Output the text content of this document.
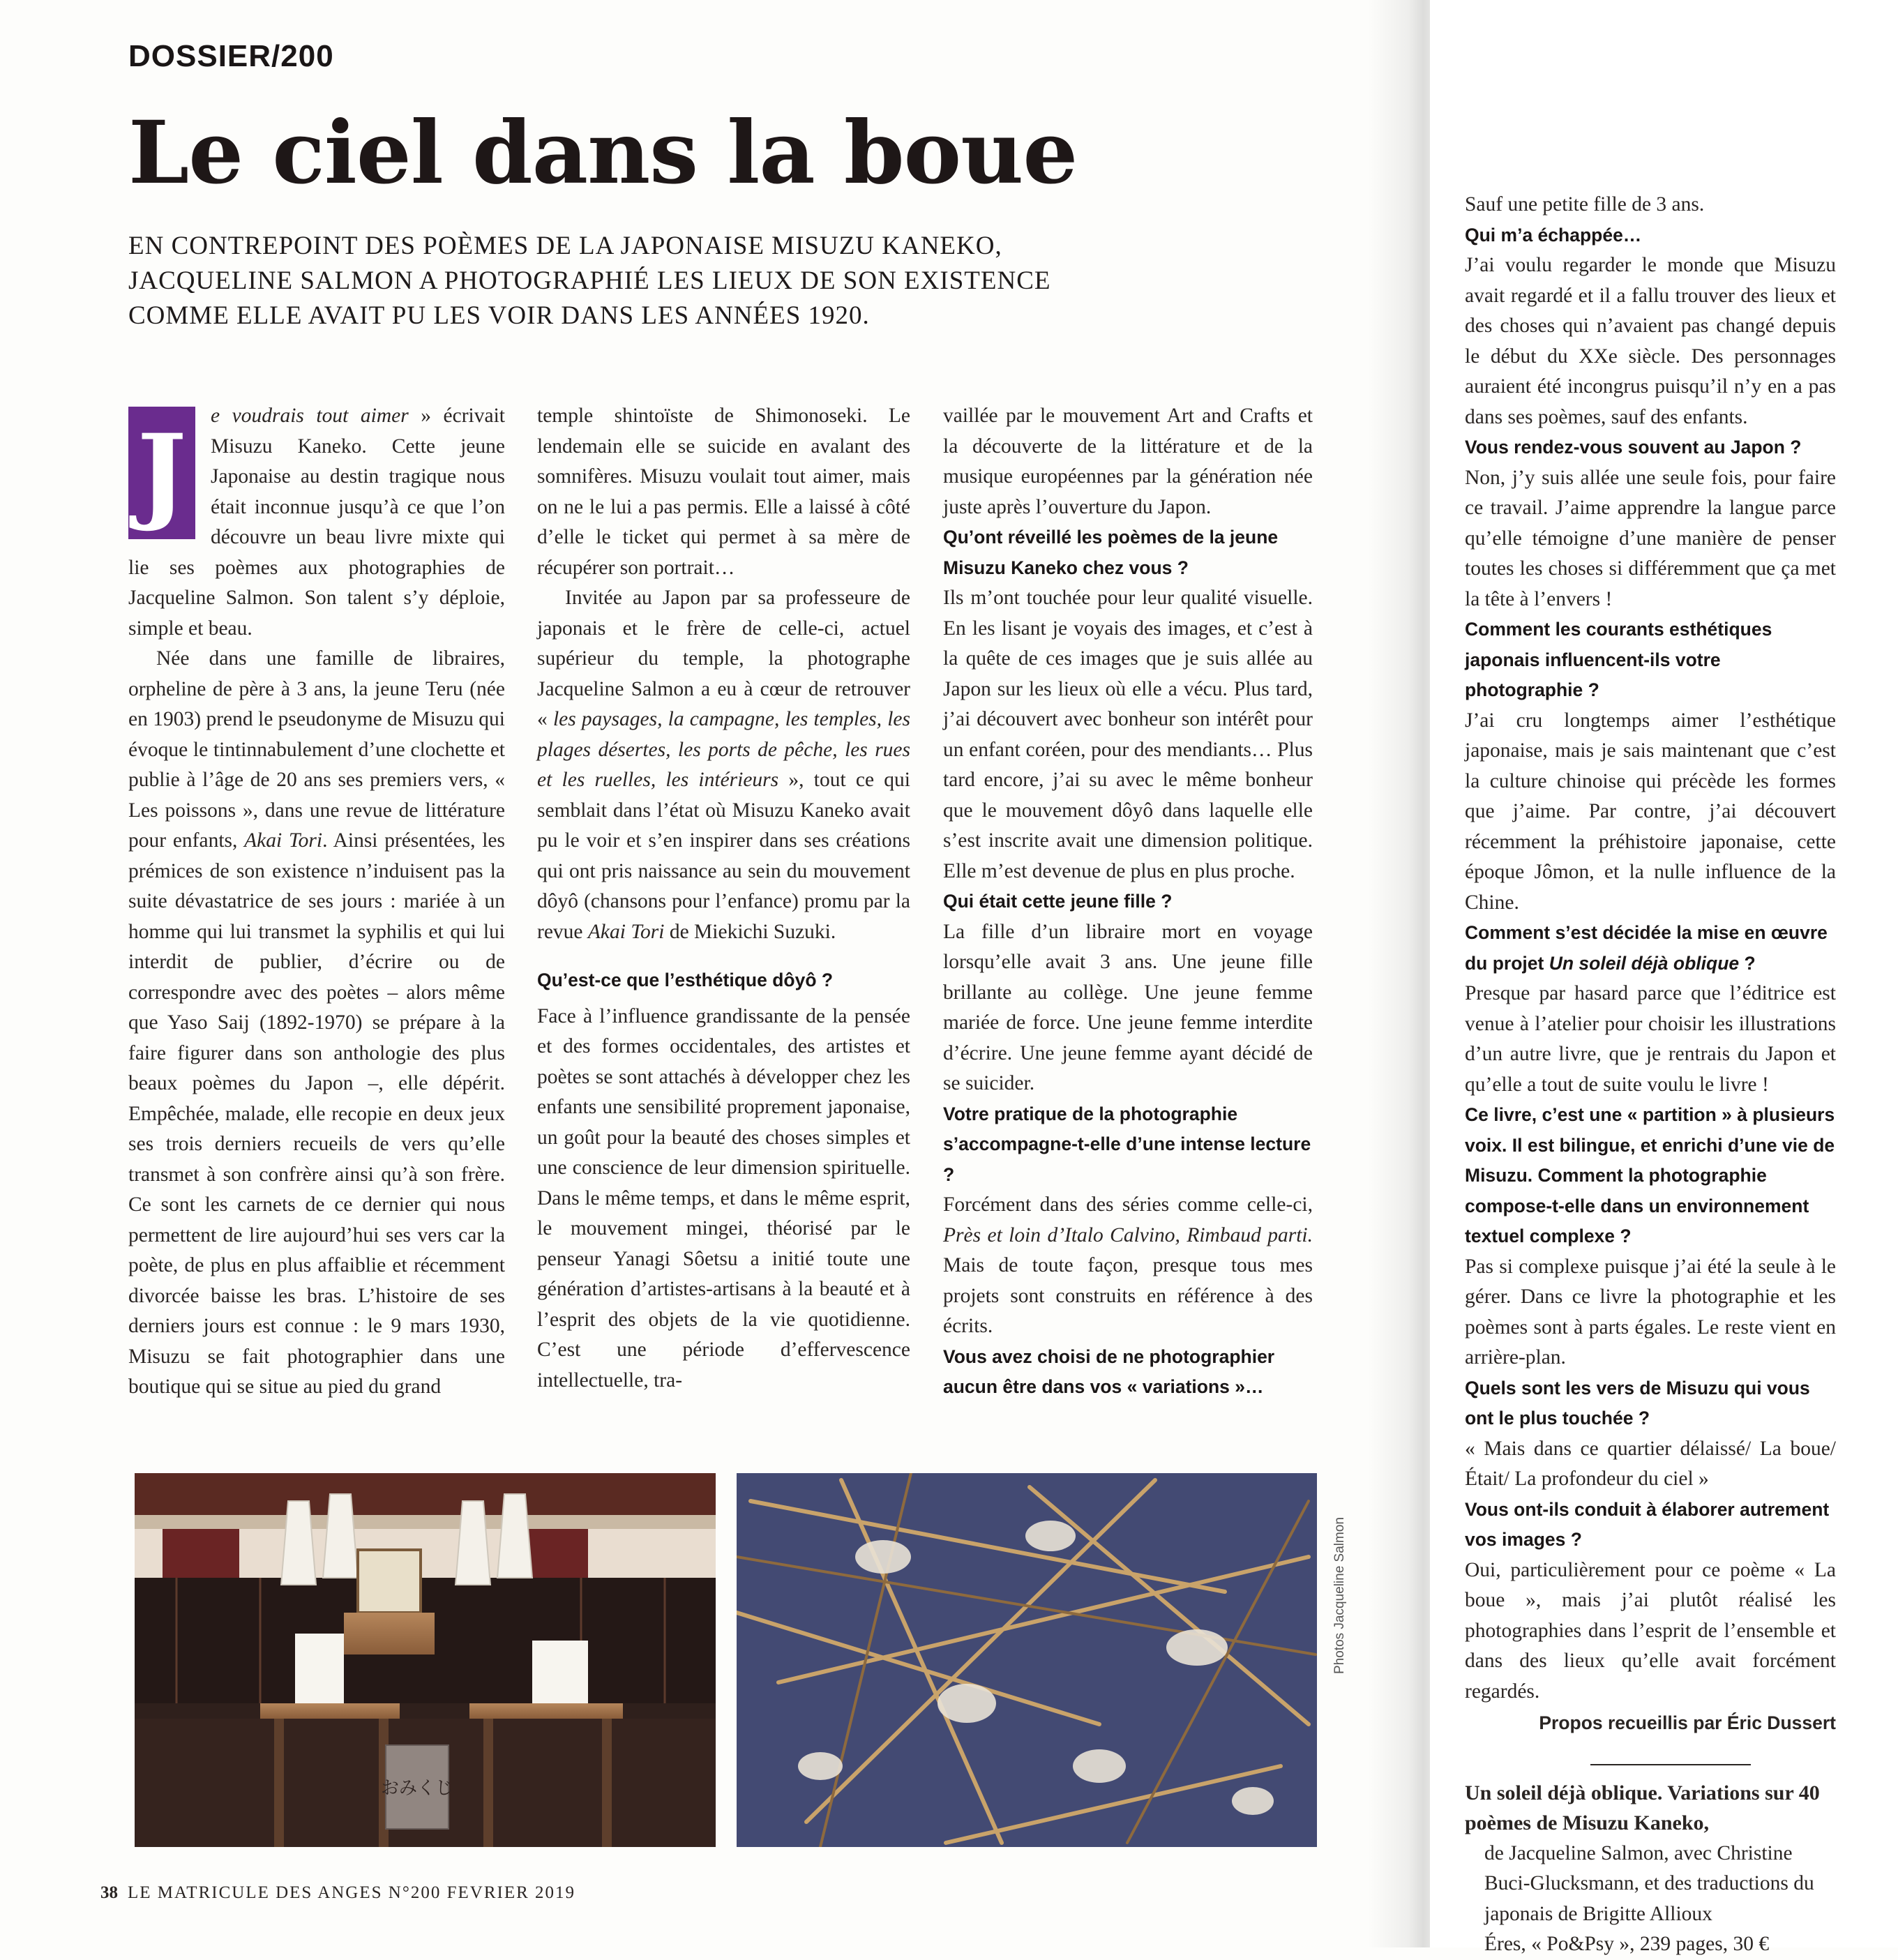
DOSSIER/200
Le ciel dans la boue
EN CONTREPOINT DES POÈMES DE LA JAPONAISE MISUZU KANEKO,
JACQUELINE SALMON A PHOTOGRAPHIÉ LES LIEUX DE SON EXISTENCE
COMME ELLE AVAIT PU LES VOIR DANS LES ANNÉES 1920.

J	e voudrais tout aimer » écrivait Misuzu Kaneko. Cette jeune Japonaise au destin tragique nous était inconnue jusqu’à ce que l’on découvre un beau livre mixte qui lie ses poèmes aux photographies de Jacqueline Salmon. Son talent s’y déploie, simple et beau.

Née dans une famille de libraires, orpheline de père à 3 ans, la jeune Teru (née en 1903) prend le pseudonyme de Misuzu qui évoque le tintinnabulement d’une clochette et publie à l’âge de 20 ans ses premiers vers, « Les poissons », dans une revue de littérature pour enfants, Akai Tori. Ainsi présentées, les prémices de son existence n’induisent pas la suite dévastatrice de ses jours : mariée à un homme qui lui transmet la syphilis et qui lui interdit de publier, d’écrire ou de correspondre avec des poètes – alors même que Yaso Saij (1892-1970) se prépare à la faire figurer dans son anthologie des plus beaux poèmes du Japon –, elle dépérit. Empêchée, malade, elle recopie en deux jeux ses trois derniers recueils de vers qu’elle transmet à son confrère ainsi qu’à son frère. Ce sont les carnets de ce dernier qui nous permettent de lire aujourd’hui ses vers car la poète, de plus en plus affaiblie et récemment divorcée baisse les bras. L’histoire de ses derniers jours est connue : le 9 mars 1930, Misuzu se fait photographier dans une boutique qui se situe au pied du grand

temple shintoïste de Shimonoseki. Le lendemain elle se suicide en avalant des somnifères. Misuzu voulait tout aimer, mais on ne le lui a pas permis. Elle a laissé à côté d’elle le ticket qui permet à sa mère de récupérer son portrait…

Invitée au Japon par sa professeure de japonais et le frère de celle-ci, actuel supérieur du temple, la photographe Jacqueline Salmon a eu à cœur de retrouver « les paysages, la campagne, les temples, les plages désertes, les ports de pêche, les rues et les ruelles, les intérieurs », tout ce qui semblait dans l’état où Misuzu Kaneko avait pu le voir et s’en inspirer dans ses créations qui ont pris naissance au sein du mouvement dôyô (chansons pour l’enfance) promu par la revue Akai Tori de Miekichi Suzuki.

Qu’est-ce que l’esthétique dôyô ?

Face à l’influence grandissante de la pensée et des formes occidentales, des artistes et poètes se sont attachés à développer chez les enfants une sensibilité proprement japonaise, un goût pour la beauté des choses simples et une conscience de leur dimension spirituelle. Dans le même temps, et dans le même esprit, le mouvement mingei, théorisé par le penseur Yanagi Sôetsu a initié toute une génération d’artistes-artisans à la beauté et à l’esprit des objets de la vie quotidienne. C’est une période d’effervescence intellectuelle, tra-

vaillée par le mouvement Art and Crafts et la découverte de la littérature et de la musique européennes par la génération née juste après l’ouverture du Japon.

Qu’ont réveillé les poèmes de la jeune Misuzu Kaneko chez vous ?

Ils m’ont touchée pour leur qualité visuelle. En les lisant je voyais des images, et c’est à la quête de ces images que je suis allée au Japon sur les lieux où elle a vécu. Plus tard, j’ai découvert avec bonheur son intérêt pour un enfant coréen, pour des mendiants… Plus tard encore, j’ai su avec le même bonheur que le mouvement dôyô dans laquelle elle s’est inscrite avait une dimension politique. Elle m’est devenue de plus en plus proche.

Qui était cette jeune fille ?

La fille d’un libraire mort en voyage lorsqu’elle avait 3 ans. Une jeune fille brillante au collège. Une jeune femme mariée de force. Une jeune femme interdite d’écrire. Une jeune femme ayant décidé de se suicider.

Votre pratique de la photographie s’accompagne-t-elle d’une intense lecture ?

Forcément dans des séries comme celle-ci, Près et loin d’Italo Calvino, Rimbaud parti. Mais de toute façon, presque tous mes projets sont construits en référence à des écrits.

Vous avez choisi de ne photographier aucun être dans vos « variations »…

Sauf une petite fille de 3 ans.

Qui m’a échappée…

J’ai voulu regarder le monde que Misuzu avait regardé et il a fallu trouver des lieux et des choses qui n’avaient pas changé depuis le début du XXe siècle. Des personnages auraient été incongrus puisqu’il n’y en a pas dans ses poèmes, sauf des enfants.

Vous rendez-vous souvent au Japon ?

Non, j’y suis allée une seule fois, pour faire ce travail. J’aime apprendre la langue parce qu’elle témoigne d’une manière de penser toutes les choses si différemment que ça met la tête à l’envers !

Comment les courants esthétiques japonais influencent-ils votre photographie ?

J’ai cru longtemps aimer l’esthétique japonaise, mais je sais maintenant que c’est la culture chinoise qui précède les formes que j’aime. Par contre, j’ai découvert récemment la préhistoire japonaise, cette époque Jômon, et la nulle influence de la Chine.

Comment s’est décidée la mise en œuvre du projet Un soleil déjà oblique ?

Presque par hasard parce que l’éditrice est venue à l’atelier pour choisir les illustrations d’un autre livre, que je rentrais du Japon et qu’elle a tout de suite voulu le livre !

Ce livre, c’est une « partition » à plusieurs voix. Il est bilingue, et enrichi d’une vie de Misuzu. Comment la photographie compose-t-elle dans un environnement textuel complexe ?

Pas si complexe puisque j’ai été la seule à le gérer. Dans ce livre la photographie et les poèmes sont à parts égales. Le reste vient en arrière-plan.

Quels sont les vers de Misuzu qui vous ont le plus touchée ?

« Mais dans ce quartier délaissé/ La boue/ Était/ La profondeur du ciel »

Vous ont-ils conduit à élaborer autrement vos images ?

Oui, particulièrement pour ce poème « La boue », mais j’ai plutôt réalisé les photographies dans l’esprit de l’ensemble et dans des lieux qu’elle avait forcément regardés.

Propos recueillis par Éric Dussert
Un soleil déjà oblique. Variations sur 40 poèmes de Misuzu Kaneko,
de Jacqueline Salmon, avec Christine Buci-Glucksmann, et des traductions du japonais de Brigitte Allioux
Éres, « Po&Psy », 239 pages, 30 €
Photos Jacqueline Salmon
38 LE MATRICULE DES ANGES N°200 FEVRIER 2019
